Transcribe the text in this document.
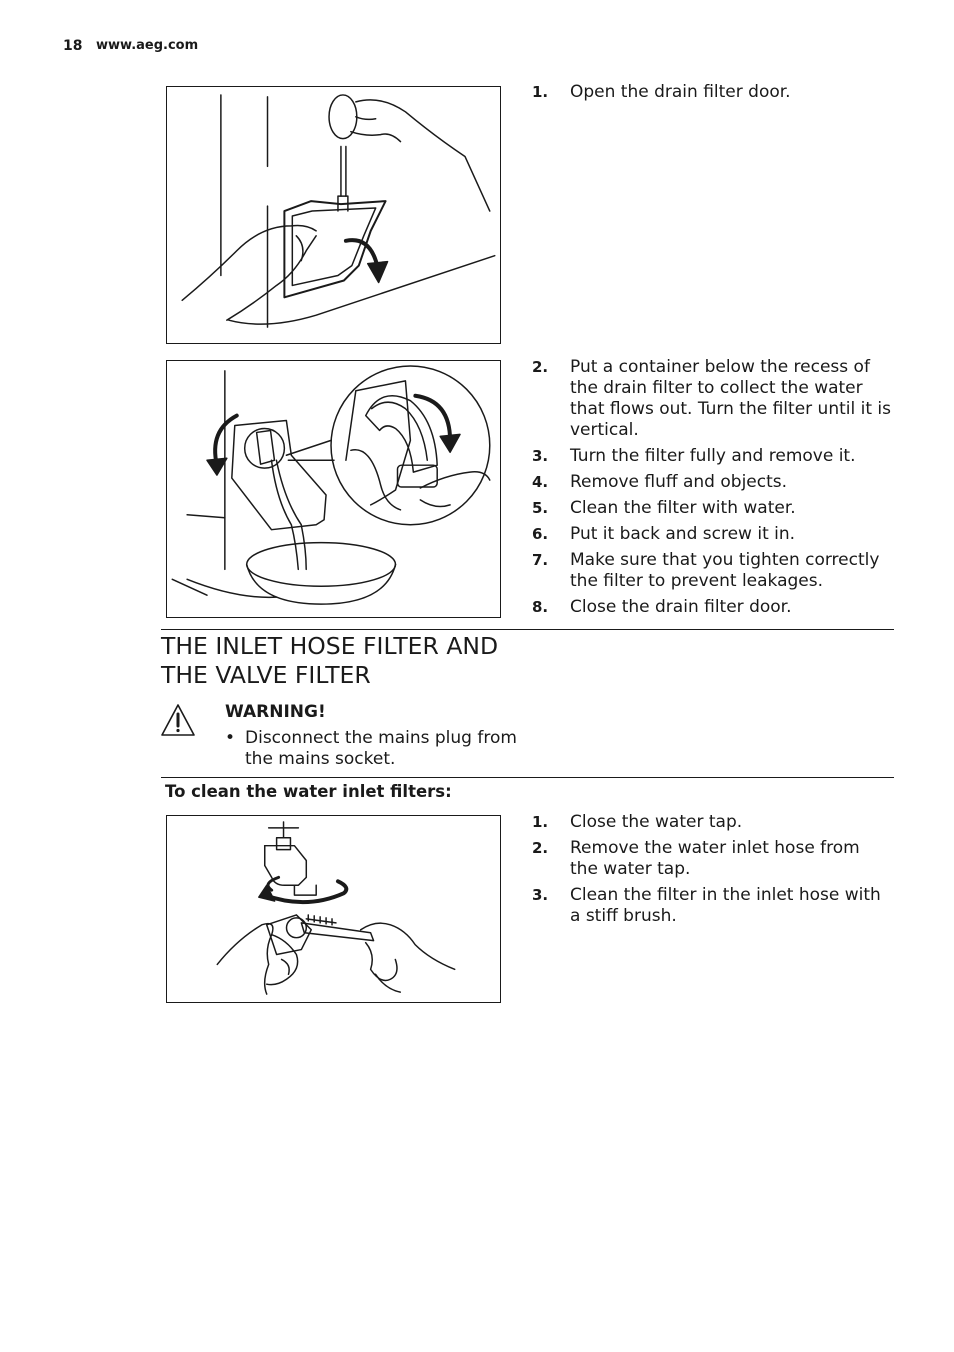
18 www.aeg.com
1.	Open the drain filter door.
2.	Put a container below the recess of the drain filter to collect the water that flows out. Turn the filter until it is vertical.
3.	Turn the filter fully and remove it.
4.	Remove fluff and objects.
5.	Clean the filter with water.
6.	Put it back and screw it in.
7.	Make sure that you tighten correctly the filter to prevent leakages.
8.	Close the drain filter door.
THE INLET HOSE FILTER AND THE VALVE FILTER
WARNING!
• Disconnect the mains plug from the mains socket.
To clean the water inlet filters:
1.	Close the water tap.
2.	Remove the water inlet hose from the water tap.
3.	Clean the filter in the inlet hose with a stiff brush.
